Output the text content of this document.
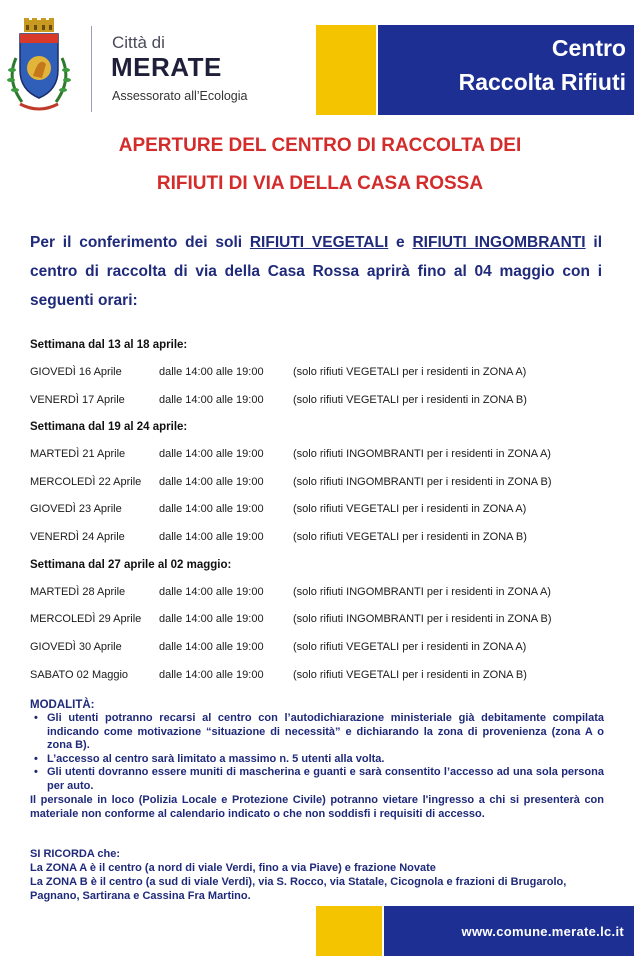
Città di
MERATE
Assessorato all’Ecologia
Centro
Raccolta Rifiuti
APERTURE DEL CENTRO DI RACCOLTA DEI
RIFIUTI DI VIA DELLA CASA ROSSA
Per il conferimento dei soli RIFIUTI VEGETALI e RIFIUTI INGOMBRANTI il centro di raccolta di via della Casa Rossa aprirà fino al 04 maggio con i seguenti orari:
Settimana dal 13 al 18 aprile:
GIOVEDÌ 16 Aprile	dalle 14:00 alle 19:00	(solo rifiuti VEGETALI per i residenti in ZONA A)
VENERDÌ 17 Aprile	dalle 14:00 alle 19:00	(solo rifiuti VEGETALI per i residenti in ZONA B)
Settimana dal 19 al 24 aprile:
MARTEDÌ 21 Aprile	dalle 14:00 alle 19:00	(solo rifiuti INGOMBRANTI per i residenti in ZONA A)
MERCOLEDÌ 22 Aprile dalle 14:00 alle 19:00	(solo rifiuti INGOMBRANTI per i residenti in ZONA B)
GIOVEDÌ 23 Aprile	dalle 14:00 alle 19:00	(solo rifiuti VEGETALI per i residenti in ZONA A)
VENERDÌ 24 Aprile	dalle 14:00 alle 19:00	(solo rifiuti VEGETALI per i residenti in ZONA B)
Settimana dal 27 aprile al 02 maggio:
MARTEDÌ 28 Aprile	dalle 14:00 alle 19:00	(solo rifiuti INGOMBRANTI per i residenti in ZONA A)
MERCOLEDÌ 29 Aprile dalle 14:00 alle 19:00	(solo rifiuti INGOMBRANTI per i residenti in ZONA B)
GIOVEDÌ 30 Aprile	dalle 14:00 alle 19:00	(solo rifiuti VEGETALI per i residenti in ZONA A)
SABATO 02 Maggio	dalle 14:00 alle 19:00	(solo rifiuti VEGETALI per i residenti in ZONA B)
MODALITÀ:
• Gli utenti potranno recarsi al centro con l’autodichiarazione ministeriale già debitamente compilata indicando come motivazione “situazione di necessità” e dichiarando la zona di provenienza (zona A o zona B).
• L’accesso al centro sarà limitato a massimo n. 5 utenti alla volta.
• Gli utenti dovranno essere muniti di mascherina e guanti e sarà consentito l’accesso ad una sola persona per auto.
Il personale in loco (Polizia Locale e Protezione Civile) potranno vietare l'ingresso a chi si presenterà con materiale non conforme al calendario indicato o che non soddisfi i requisiti di accesso.
SI RICORDA che:
La ZONA A è il centro (a nord di viale Verdi, fino a via Piave) e frazione Novate
La ZONA B è il centro (a sud di viale Verdi), via S. Rocco, via Statale, Cicognola e frazioni di Brugarolo, Pagnano, Sartirana e Cassina Fra Martino.
www.comune.merate.lc.it
